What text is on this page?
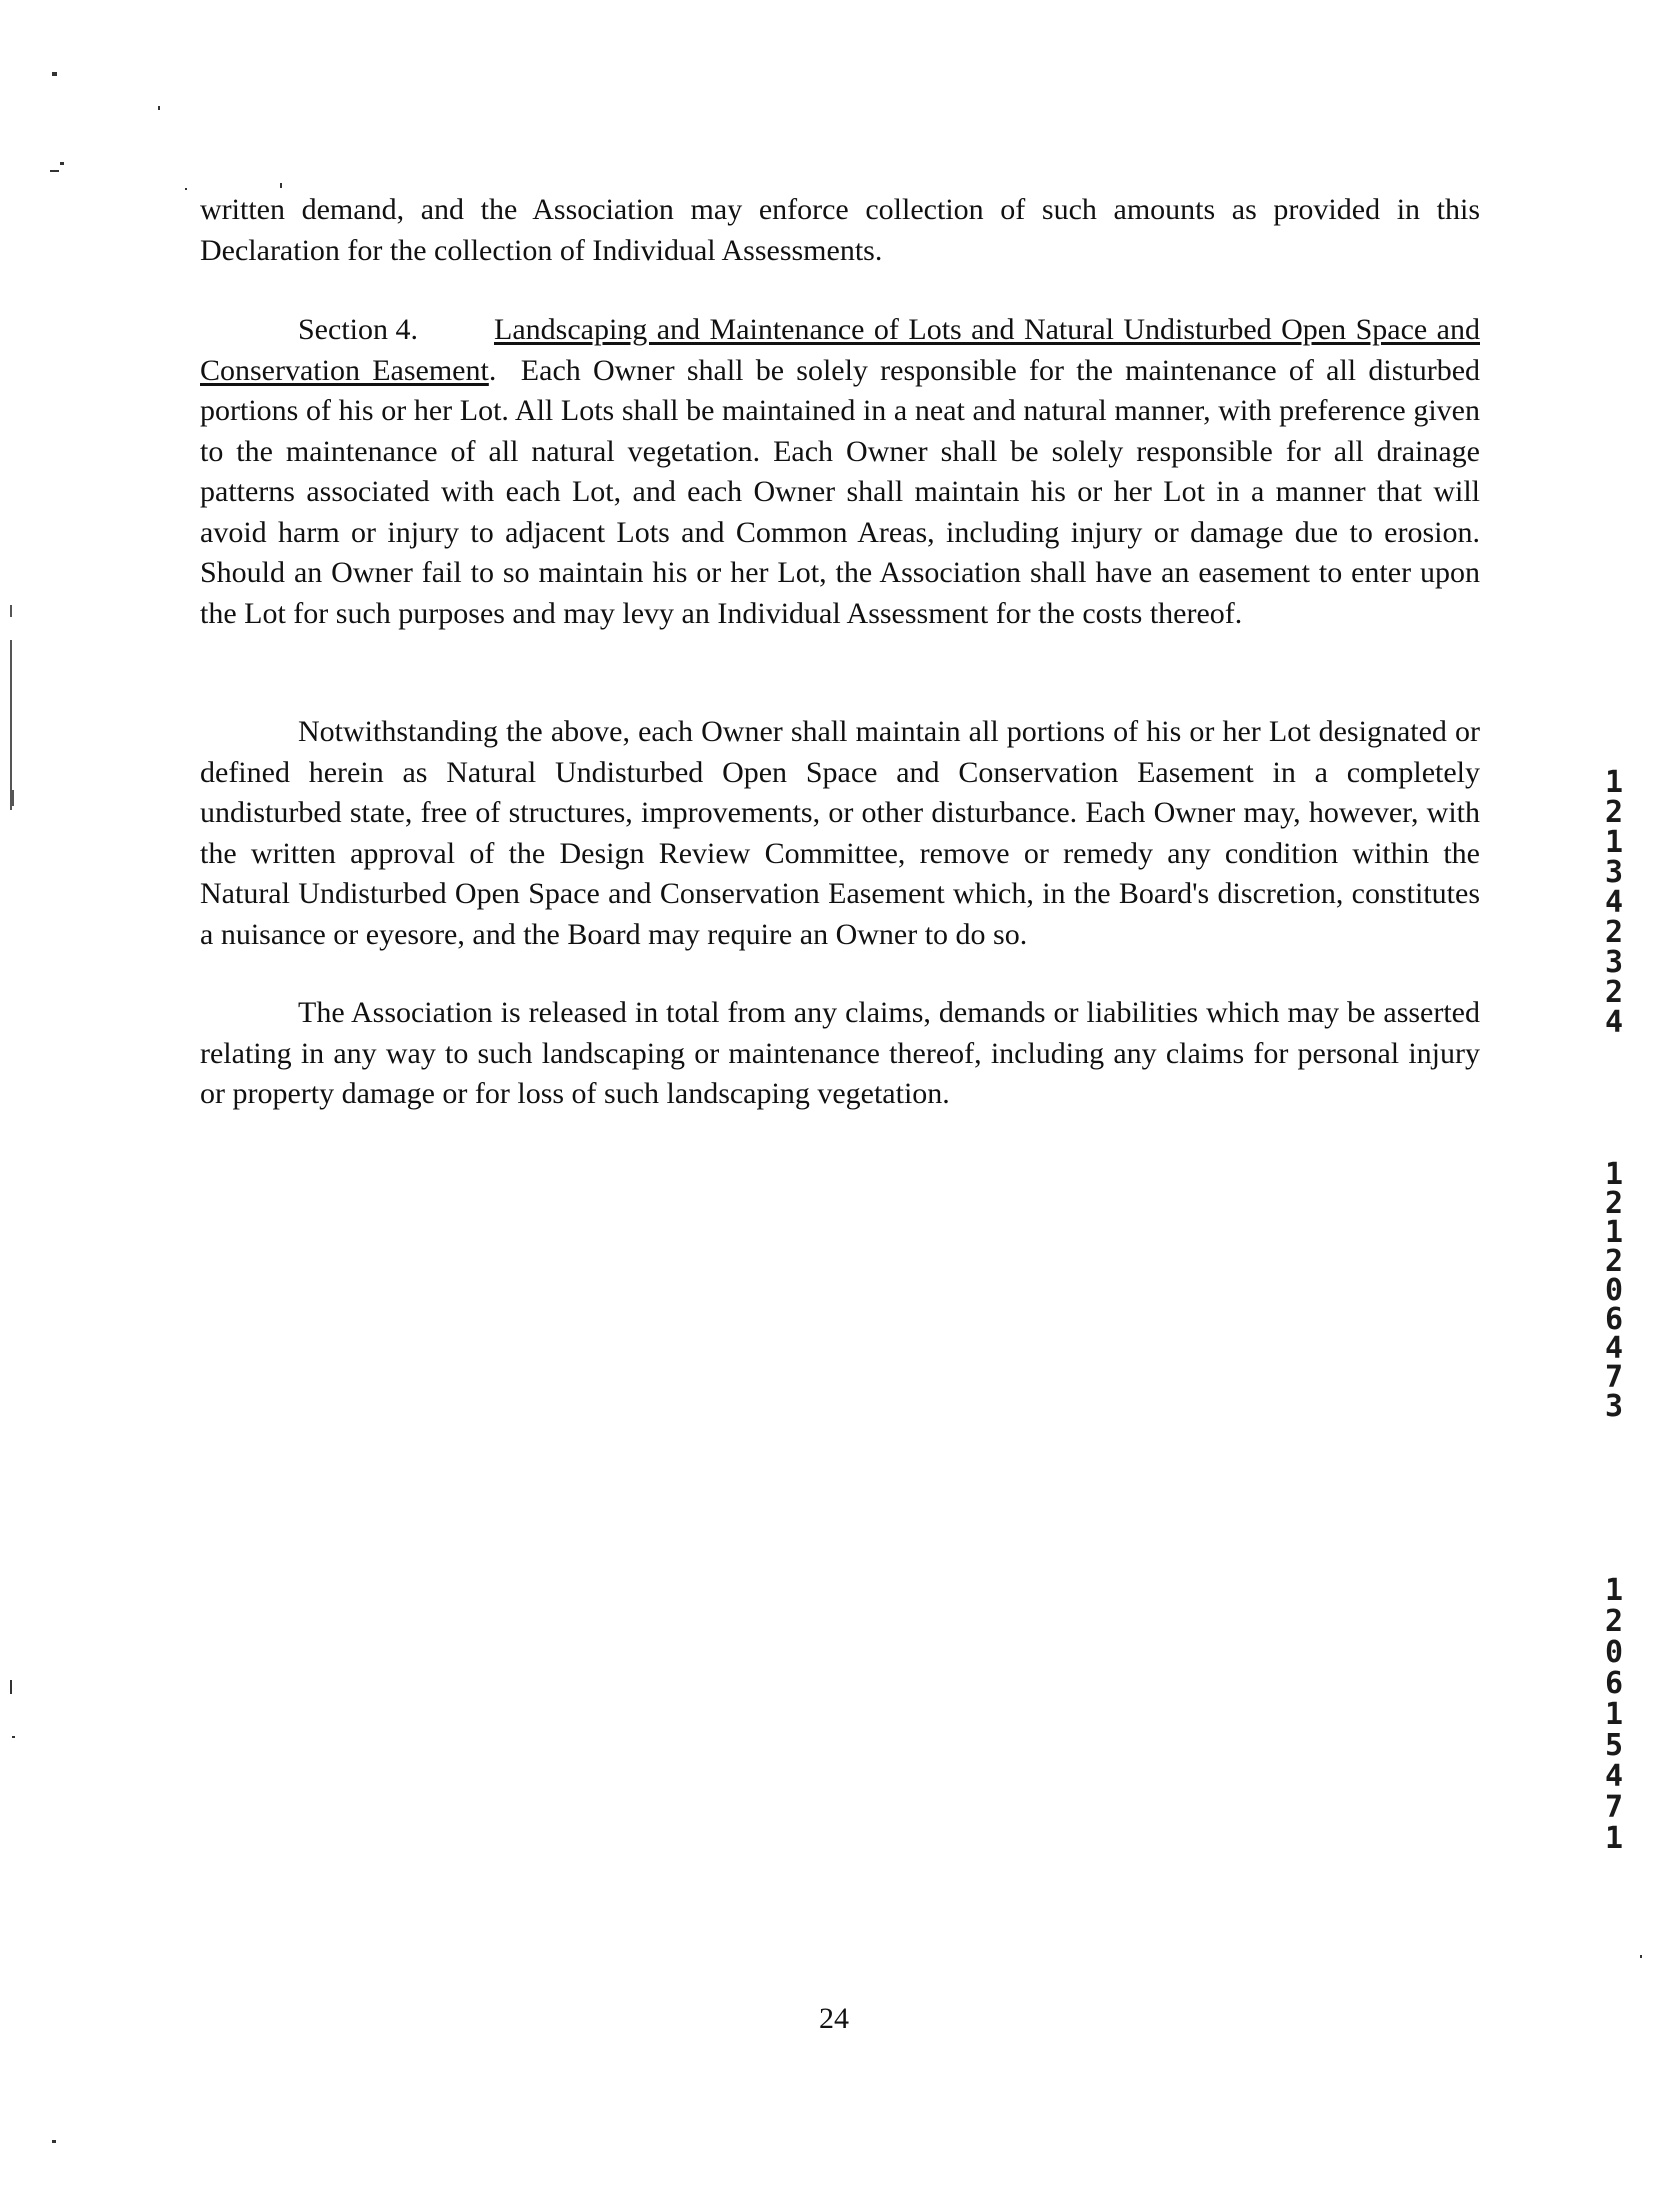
written demand, and the Association may enforce collection of such amounts as provided in this Declaration for the collection of Individual Assessments.

Section 4.	Landscaping and Maintenance of Lots and Natural Undisturbed Open Space and Conservation Easement. Each Owner shall be solely responsible for the maintenance of all disturbed portions of his or her Lot. All Lots shall be maintained in a neat and natural manner, with preference given to the maintenance of all natural vegetation. Each Owner shall be solely responsible for all drainage patterns associated with each Lot, and each Owner shall maintain his or her Lot in a manner that will avoid harm or injury to adjacent Lots and Common Areas, including injury or damage due to erosion. Should an Owner fail to so maintain his or her Lot, the Association shall have an easement to enter upon the Lot for such purposes and may levy an Individual Assessment for the costs thereof.

Notwithstanding the above, each Owner shall maintain all portions of his or her Lot designated or defined herein as Natural Undisturbed Open Space and Conservation Easement in a completely undisturbed state, free of structures, improvements, or other disturbance. Each Owner may, however, with the written approval of the Design Review Committee, remove or remedy any condition within the Natural Undisturbed Open Space and Conservation Easement which, in the Board's discretion, constitutes a nuisance or eyesore, and the Board may require an Owner to do so.

The Association is released in total from any claims, demands or liabilities which may be asserted relating in any way to such landscaping or maintenance thereof, including any claims for personal injury or property damage or for loss of such landscaping vegetation.

24
12134 2324
121206473
12061547 1
